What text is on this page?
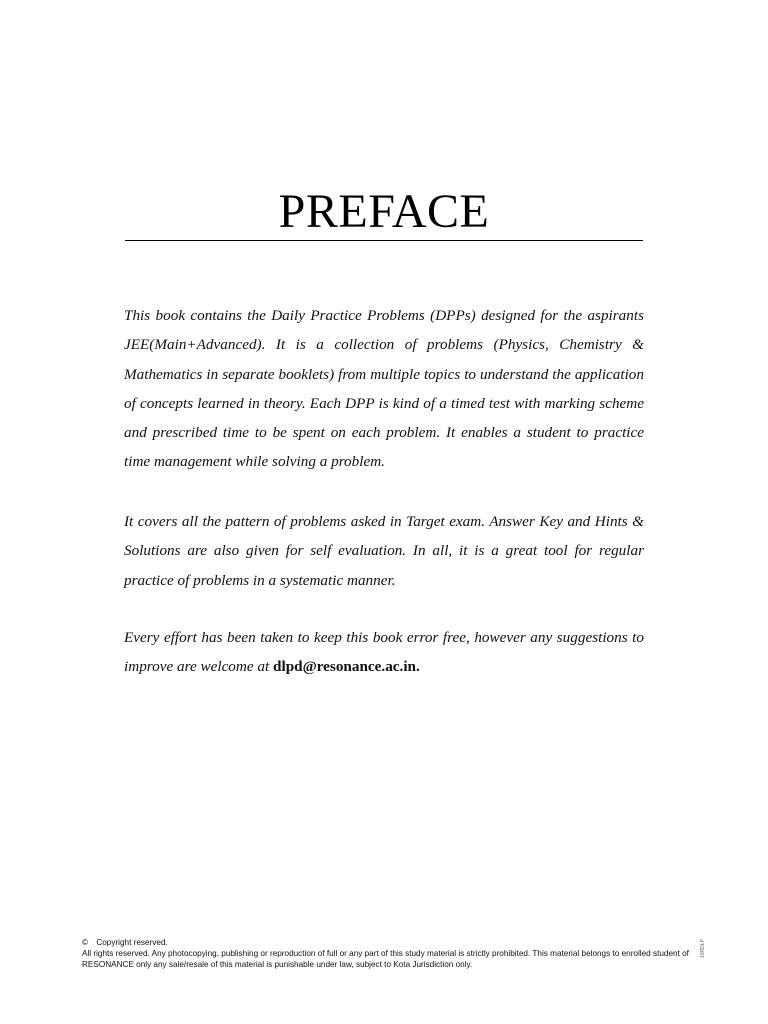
PREFACE

This book contains the Daily Practice Problems (DPPs) designed for the aspirants JEE(Main+Advanced). It is a collection of problems (Physics, Chemistry & Mathematics in separate booklets) from multiple topics to understand the application of concepts learned in theory. Each DPP is kind of a timed test with marking scheme and prescribed time to be spent on each problem. It enables a student to practice time management while solving a problem.

It covers all the pattern of problems asked in Target exam. Answer Key and Hints & Solutions are also given for self evaluation. In all, it is a great tool for regular practice of problems in a systematic manner.

Every effort has been taken to keep this book error free, however any suggestions to improve are welcome at dlpd@resonance.ac.in.

© Copyright reserved.
All rights reserved. Any photocopying, publishing or reproduction of full or any part of this study material is strictly prohibited. This material belongs to enrolled student of RESONANCE only any sale/resale of this material is punishable under law, subject to Kota Jurisdiction only.
15RDLP
